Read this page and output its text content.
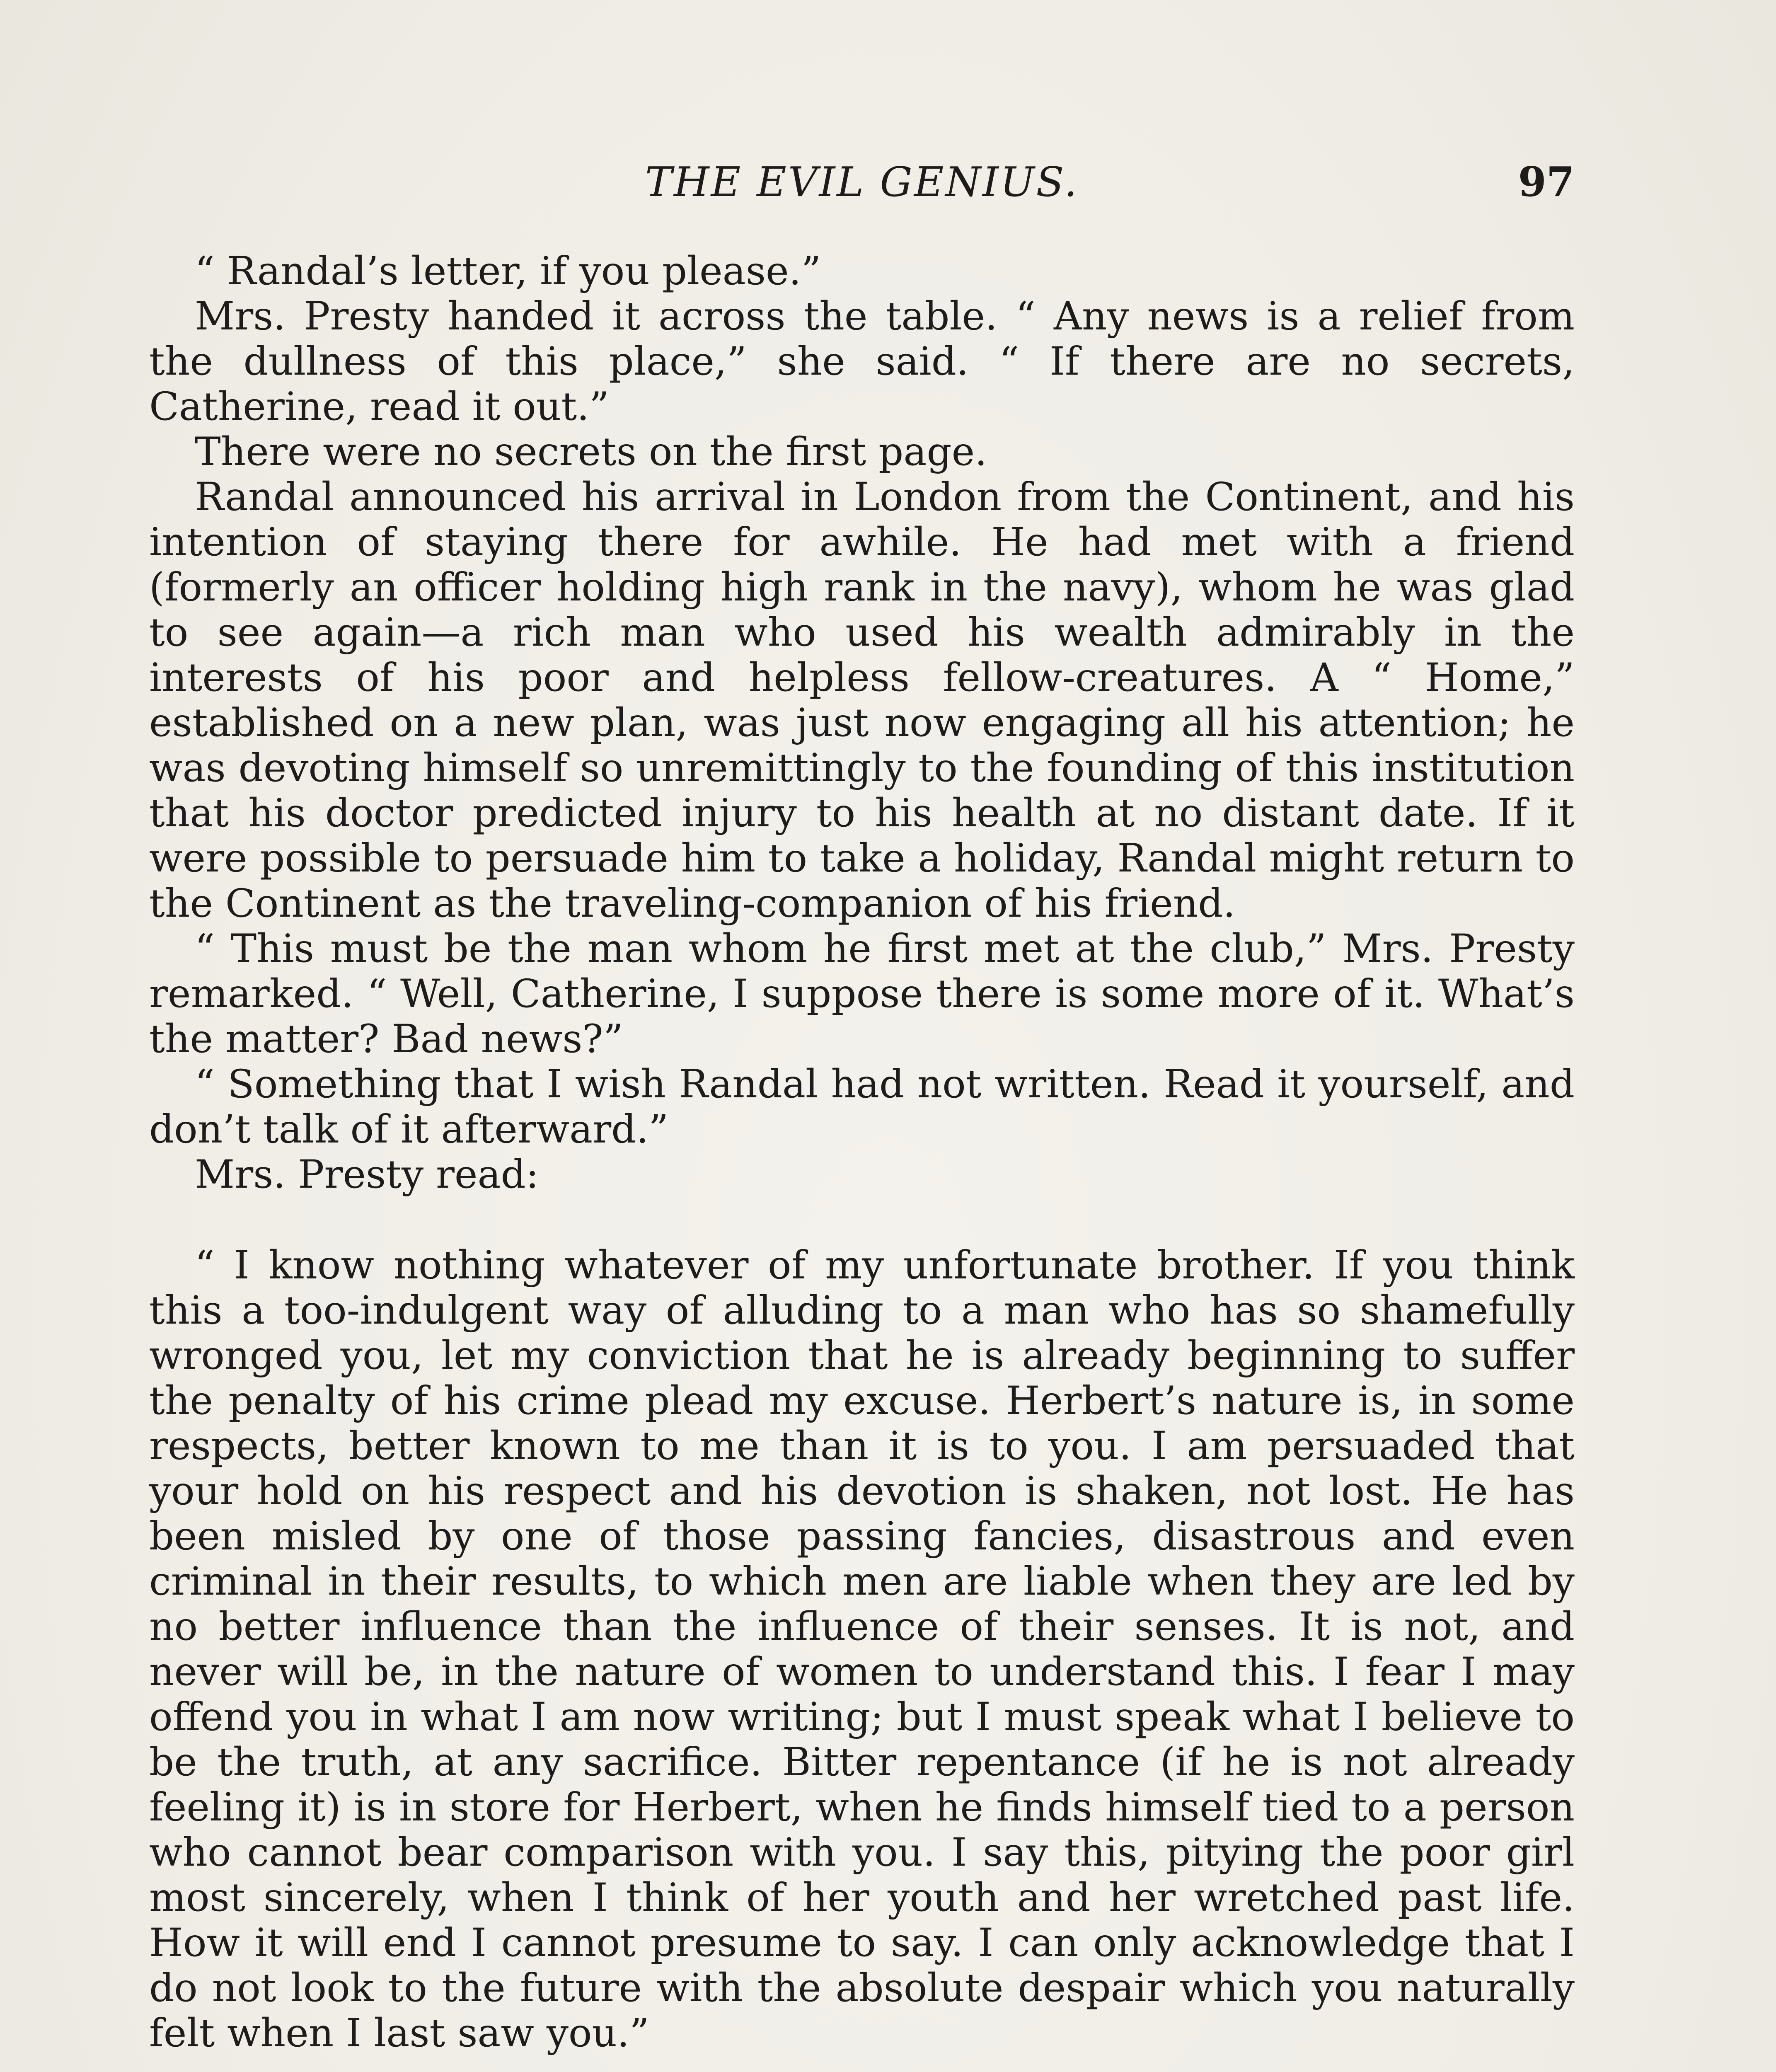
THE EVIL GENIUS.	97

“ Randal’s letter, if you please.”

Mrs. Presty handed it across the table. “ Any news is a relief from the dullness of this place,” she said. “ If there are no secrets, Catherine, read it out.”

There were no secrets on the first page.

Randal announced his arrival in London from the Continent, and his intention of staying there for awhile. He had met with a friend (formerly an officer holding high rank in the navy), whom he was glad to see again—a rich man who used his wealth admirably in the interests of his poor and helpless fellow-creatures. A “ Home,” established on a new plan, was just now engaging all his attention; he was devoting himself so unremittingly to the founding of this institution that his doctor predicted injury to his health at no distant date. If it were possible to persuade him to take a holiday, Randal might return to the Continent as the traveling-companion of his friend.

“ This must be the man whom he first met at the club,” Mrs. Presty remarked. “ Well, Catherine, I suppose there is some more of it. What’s the matter? Bad news?”

“ Something that I wish Randal had not written. Read it yourself, and don’t talk of it afterward.”

Mrs. Presty read:

“ I know nothing whatever of my unfortunate brother. If you think this a too-indulgent way of alluding to a man who has so shamefully wronged you, let my conviction that he is already beginning to suffer the penalty of his crime plead my excuse. Herbert’s nature is, in some respects, better known to me than it is to you. I am persuaded that your hold on his respect and his devotion is shaken, not lost. He has been misled by one of those passing fancies, disastrous and even criminal in their results, to which men are liable when they are led by no better influence than the influence of their senses. It is not, and never will be, in the nature of women to understand this. I fear I may offend you in what I am now writing; but I must speak what I believe to be the truth, at any sacrifice. Bitter repentance (if he is not already feeling it) is in store for Herbert, when he finds himself tied to a person who cannot bear comparison with you. I say this, pitying the poor girl most sincerely, when I think of her youth and her wretched past life. How it will end I cannot presume to say. I can only acknowledge that I do not look to the future with the absolute despair which you naturally felt when I last saw you.”
